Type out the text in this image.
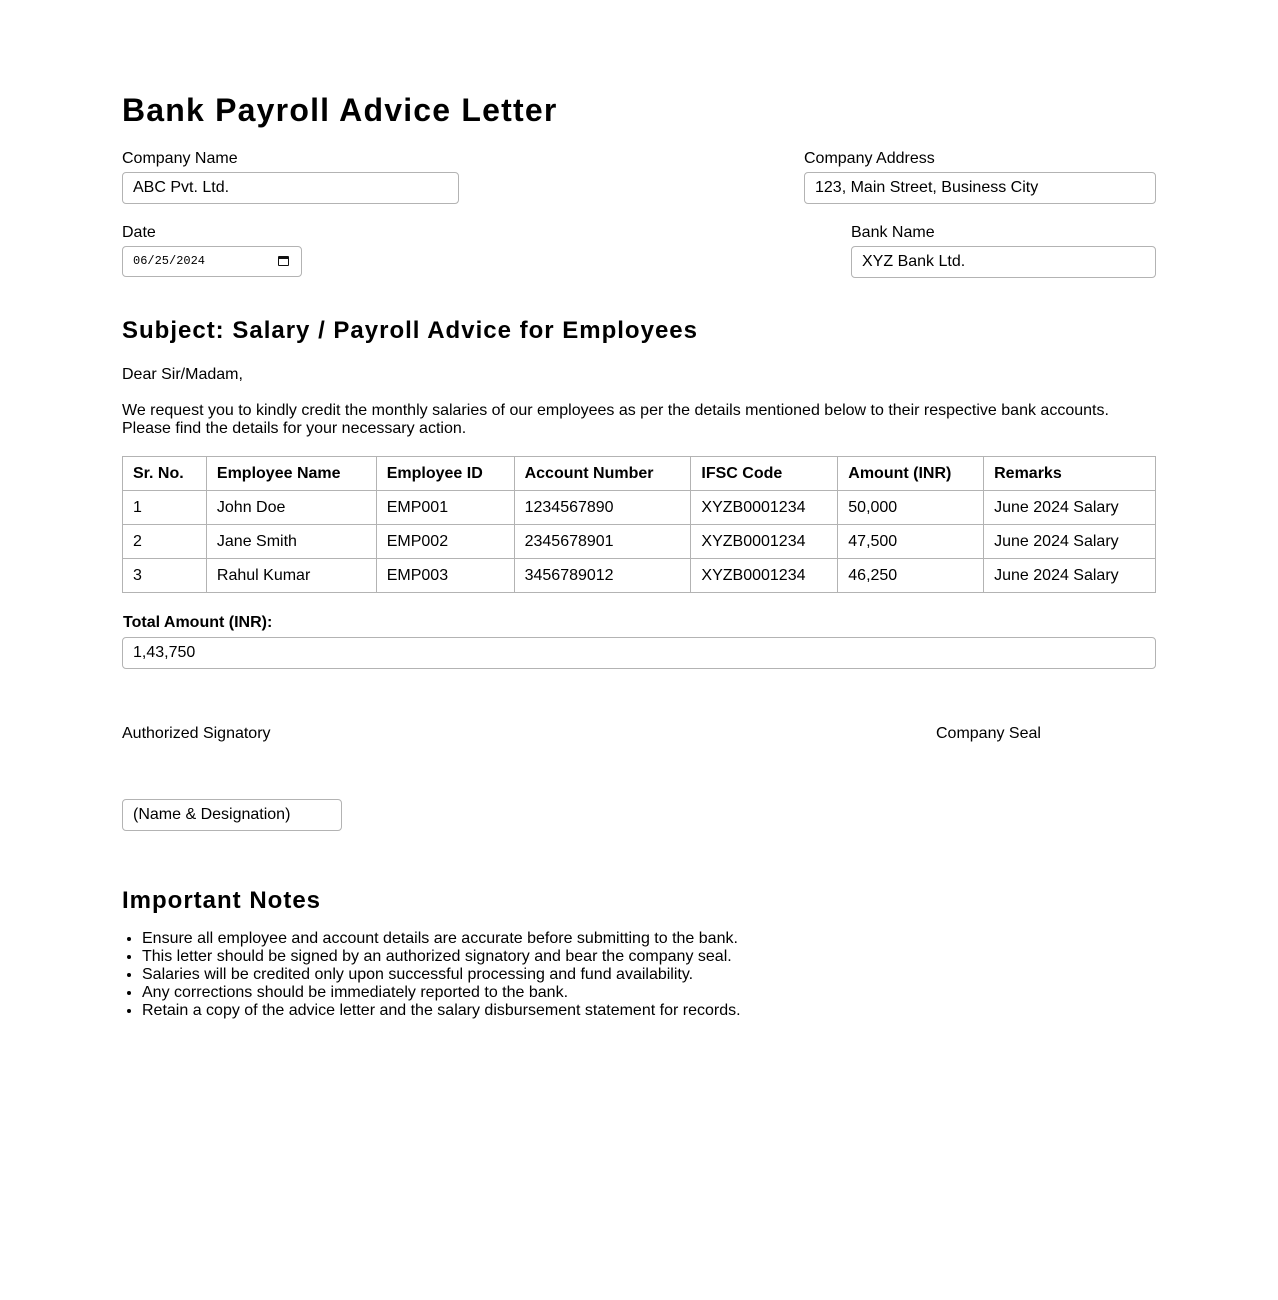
Bank Payroll Advice Letter
Company Name
ABC Pvt. Ltd.
Company Address
123, Main Street, Business City
Date
06/25/2024
Bank Name
XYZ Bank Ltd.
Subject: Salary / Payroll Advice for Employees

Dear Sir/Madam,

We request you to kindly credit the monthly salaries of our employees as per the details mentioned below to their respective bank accounts.
Please find the details for your necessary action.

Sr. No.	Employee Name	Employee ID	Account Number	IFSC Code	Amount (INR)	Remarks
1	John Doe	EMP001	1234567890	XYZB0001234	50,000	June 2024 Salary
2	Jane Smith	EMP002	2345678901	XYZB0001234	47,500	June 2024 Salary
3	Rahul Kumar	EMP003	3456789012	XYZB0001234	46,250	June 2024 Salary
Total Amount (INR):
1,43,750
Authorized Signatory	Company Seal
(Name & Designation)
Important Notes
• Ensure all employee and account details are accurate before submitting to the bank.
• This letter should be signed by an authorized signatory and bear the company seal.
• Salaries will be credited only upon successful processing and fund availability.
• Any corrections should be immediately reported to the bank.
• Retain a copy of the advice letter and the salary disbursement statement for records.
